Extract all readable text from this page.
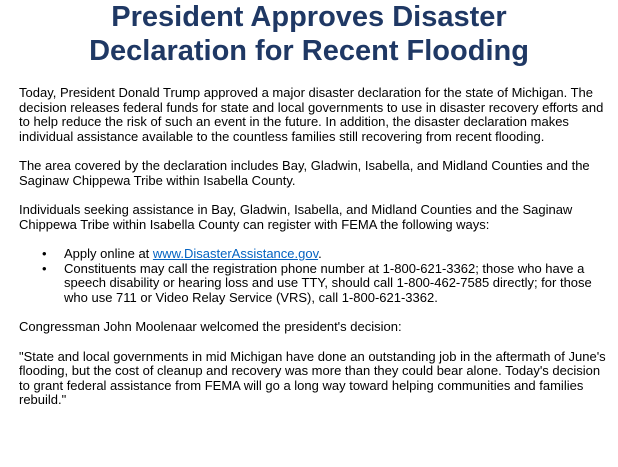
President Approves Disaster
Declaration for Recent Flooding

Today, President Donald Trump approved a major disaster declaration for the state of Michigan. The decision releases federal funds for state and local governments to use in disaster recovery efforts and to help reduce the risk of such an event in the future. In addition, the disaster declaration makes individual assistance available to the countless families still recovering from recent flooding.

The area covered by the declaration includes Bay, Gladwin, Isabella, and Midland Counties and the Saginaw Chippewa Tribe within Isabella County.

Individuals seeking assistance in Bay, Gladwin, Isabella, and Midland Counties and the Saginaw Chippewa Tribe within Isabella County can register with FEMA the following ways:

• Apply online at www.DisasterAssistance.gov.
• Constituents may call the registration phone number at 1-800-621-3362; those who have a speech disability or hearing loss and use TTY, should call 1-800-462-7585 directly; for those who use 711 or Video Relay Service (VRS), call 1-800-621-3362.

Congressman John Moolenaar welcomed the president's decision:

"State and local governments in mid Michigan have done an outstanding job in the aftermath of June's flooding, but the cost of cleanup and recovery was more than they could bear alone. Today's decision to grant federal assistance from FEMA will go a long way toward helping communities and families rebuild."
